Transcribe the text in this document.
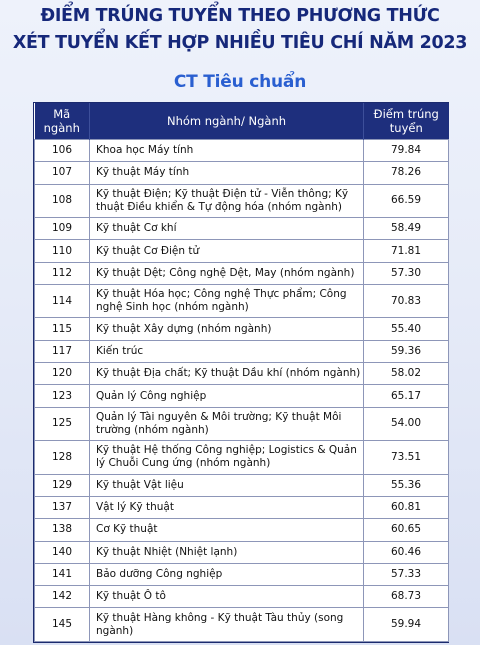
ĐIỂM TRÚNG TUYỂN THEO PHƯƠNG THỨC
XÉT TUYỂN KẾT HỢP NHIỀU TIÊU CHÍ NĂM 2023
CT Tiêu chuẩn
Mã ngành	Nhóm ngành/ Ngành	Điểm trúng tuyển
106	Khoa học Máy tính	79.84
107	Kỹ thuật Máy tính	78.26
108	Kỹ thuật Điện; Kỹ thuật Điện tử - Viễn thông; Kỹ thuật Điều khiển & Tự động hóa (nhóm ngành)	66.59
109	Kỹ thuật Cơ khí	58.49
110	Kỹ thuật Cơ Điện tử	71.81
112	Kỹ thuật Dệt; Công nghệ Dệt, May (nhóm ngành)	57.30
114	Kỹ thuật Hóa học; Công nghệ Thực phẩm; Công nghệ Sinh học (nhóm ngành)	70.83
115	Kỹ thuật Xây dựng (nhóm ngành)	55.40
117	Kiến trúc	59.36
120	Kỹ thuật Địa chất; Kỹ thuật Dầu khí (nhóm ngành)	58.02
123	Quản lý Công nghiệp	65.17
125	Quản lý Tài nguyên & Môi trường; Kỹ thuật Môi trường (nhóm ngành)	54.00
128	Kỹ thuật Hệ thống Công nghiệp; Logistics & Quản lý Chuỗi Cung ứng (nhóm ngành)	73.51
129	Kỹ thuật Vật liệu	55.36
137	Vật lý Kỹ thuật	60.81
138	Cơ Kỹ thuật	60.65
140	Kỹ thuật Nhiệt (Nhiệt lạnh)	60.46
141	Bảo dưỡng Công nghiệp	57.33
142	Kỹ thuật Ô tô	68.73
145	Kỹ thuật Hàng không - Kỹ thuật Tàu thủy (song ngành)	59.94
